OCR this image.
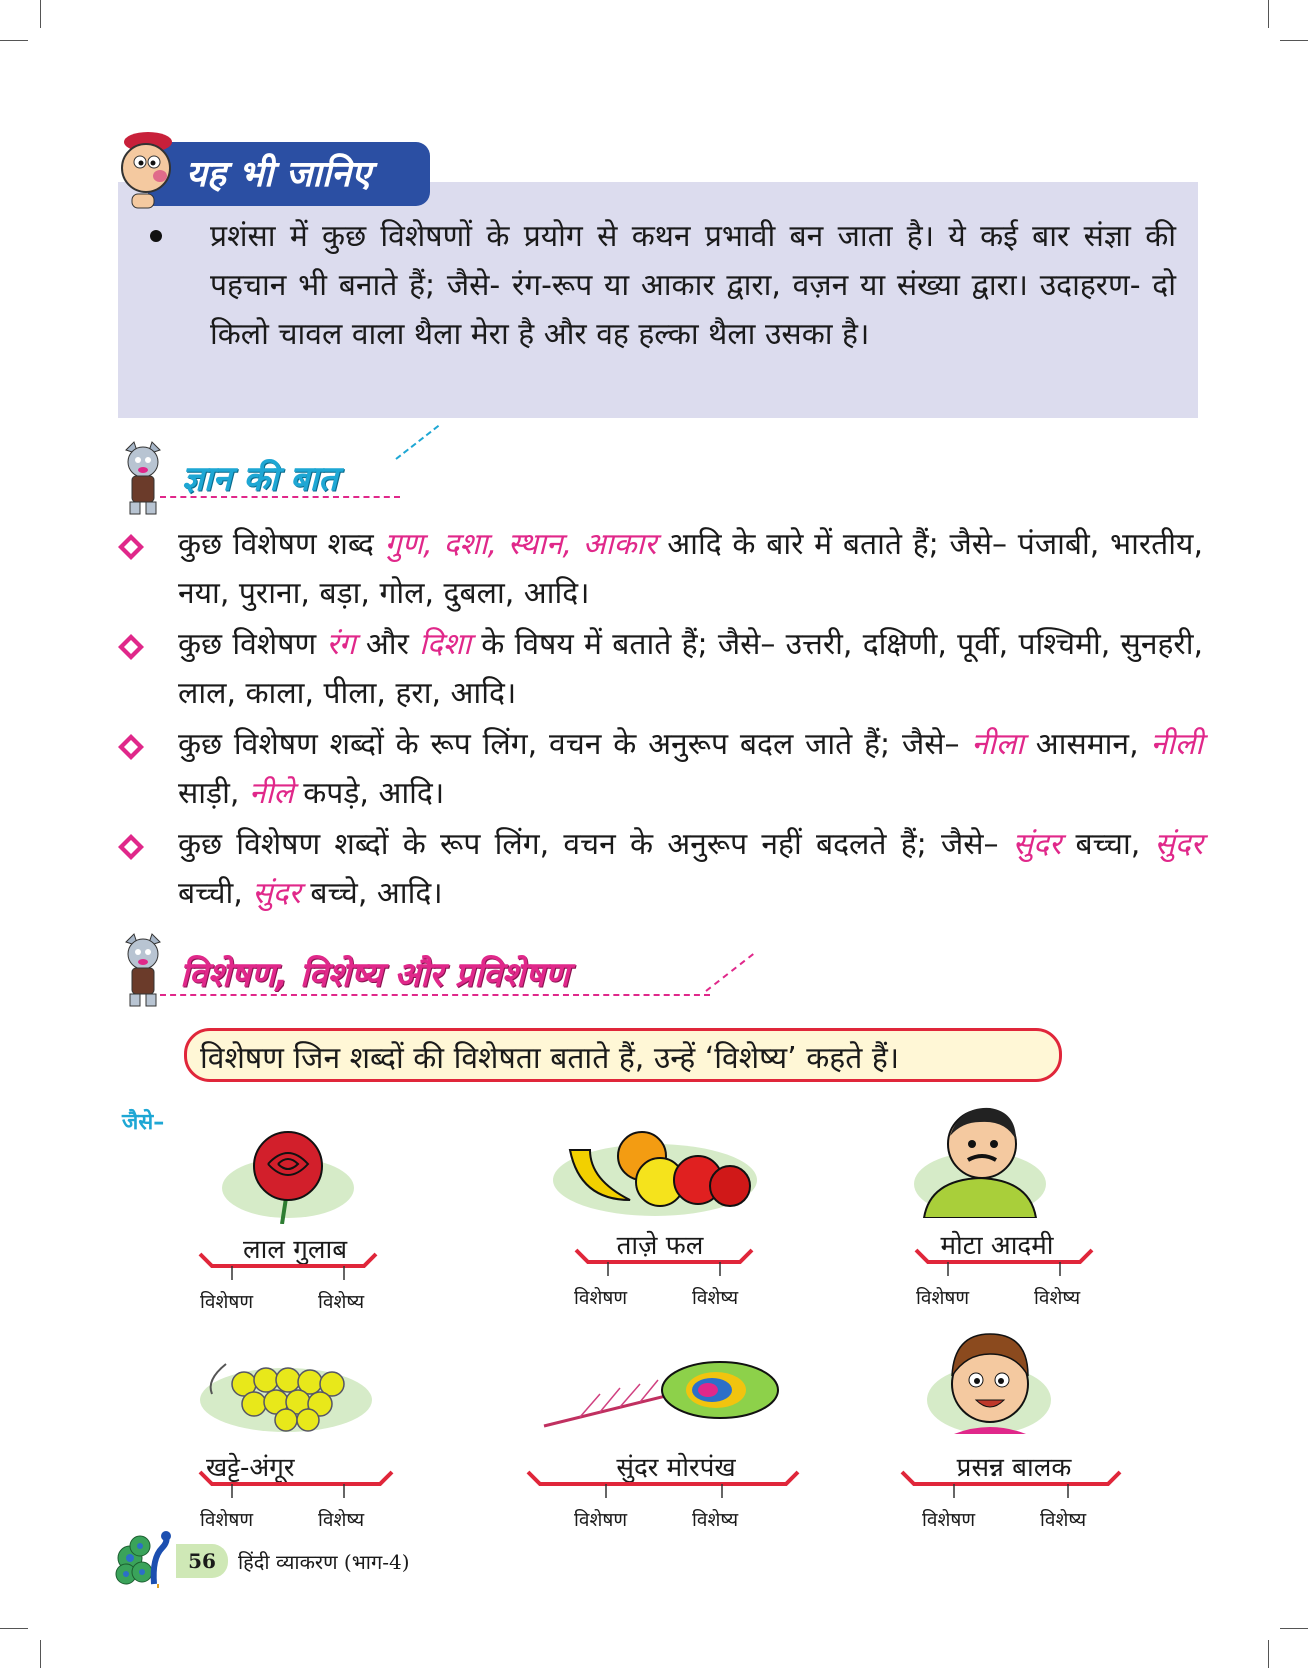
यह भी जानिए
प्रशंसा में कुछ विशेषणों के प्रयोग से कथन प्रभावी बन जाता है। ये कई बार संज्ञा की पहचान भी बनाते हैं; जैसे- रंग-रूप या आकार द्वारा, वज़न या संख्या द्वारा। उदाहरण- दो किलो चावल वाला थैला मेरा है और वह हल्का थैला उसका है।
ज्ञान की बात
कुछ विशेषण शब्द गुण, दशा, स्थान, आकार आदि के बारे में बताते हैं; जैसे– पंजाबी, भारतीय, नया, पुराना, बड़ा, गोल, दुबला, आदि।
कुछ विशेषण रंग और दिशा के विषय में बताते हैं; जैसे– उत्तरी, दक्षिणी, पूर्वी, पश्चिमी, सुनहरी, लाल, काला, पीला, हरा, आदि।
कुछ विशेषण शब्दों के रूप लिंग, वचन के अनुरूप बदल जाते हैं; जैसे– नीला आसमान, नीली साड़ी, नीले कपड़े, आदि।
कुछ विशेषण शब्दों के रूप लिंग, वचन के अनुरूप नहीं बदलते हैं; जैसे– सुंदर बच्चा, सुंदर बच्ची, सुंदर बच्चे, आदि।
विशेषण, विशेष्य और प्रविशेषण
विशेषण जिन शब्दों की विशेषता बताते हैं, उन्हें ‘विशेष्य’ कहते हैं।
जैसे–
लाल गुलाब
विशेषण	विशेष्य
ताज़े फल
विशेषण	विशेष्य
मोटा आदमी
विशेषण	विशेष्य
खट्टे-अंगूर
विशेषण	विशेष्य
सुंदर मोरपंख
विशेषण	विशेष्य
प्रसन्न बालक
विशेषण	विशेष्य
56	हिंदी व्याकरण (भाग-4)
